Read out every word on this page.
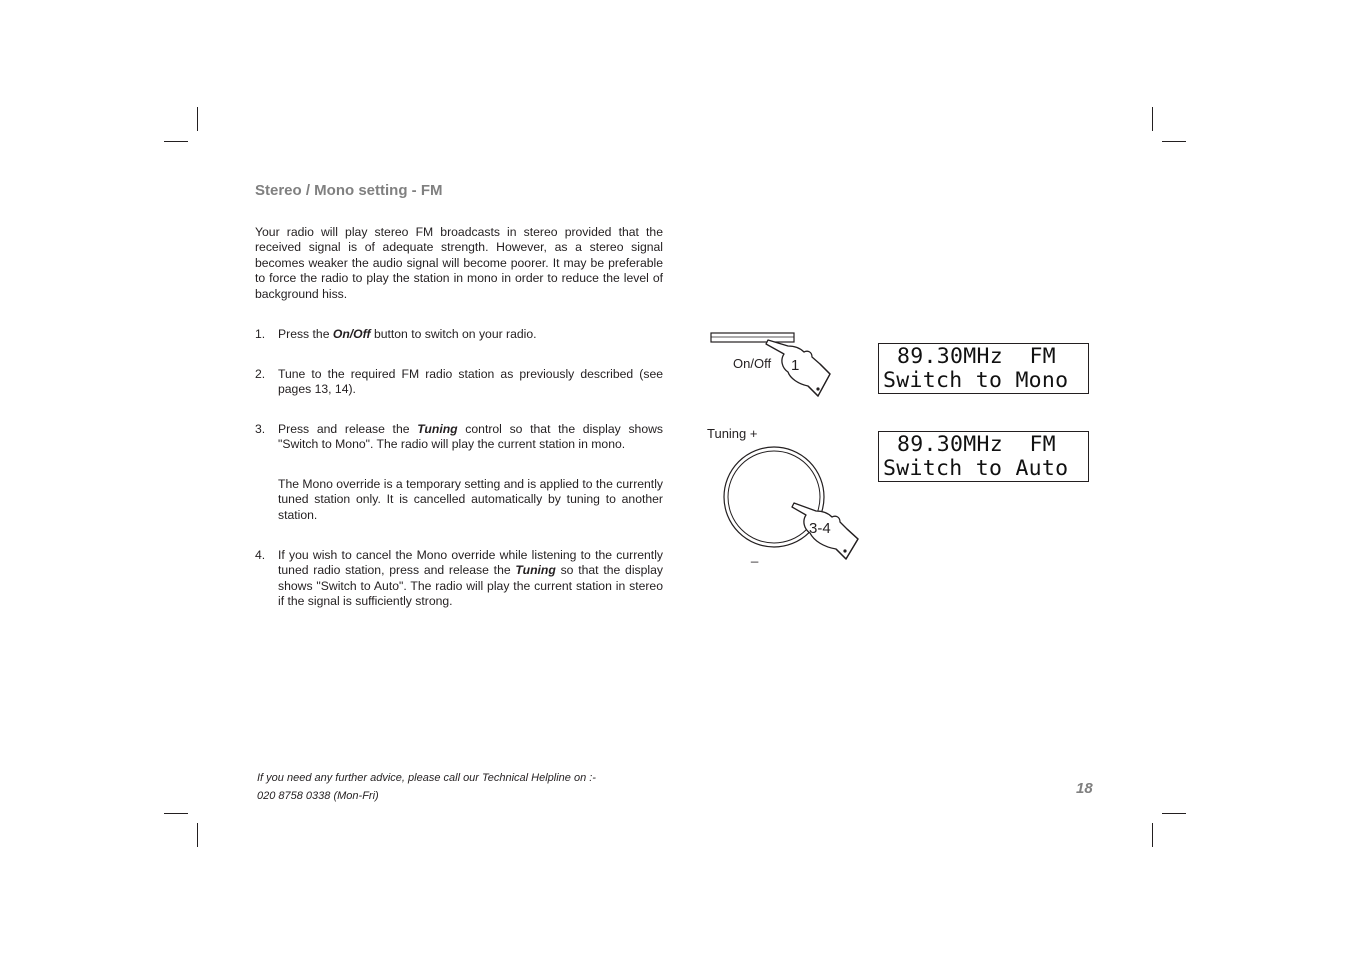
Stereo / Mono setting - FM

Your radio will play stereo FM broadcasts in stereo provided that the received signal is of adequate strength. However, as a stereo signal becomes weaker the audio signal will become poorer. It may be preferable to force the radio to play the station in mono in order to reduce the level of background hiss.

1.	Press the On/Off button to switch on your radio.
2.	Tune to the required FM radio station as previously described (see pages 13, 14).
3.	Press and release the Tuning control so that the display shows "Switch to Mono". The radio will play the current station in mono.
The Mono override is a temporary setting and is applied to the currently tuned station only. It is cancelled automatically by tuning to another station.
4.	If you wish to cancel the Mono override while listening to the currently tuned radio station, press and release the Tuning so that the display shows "Switch to Auto". The radio will play the current station in stereo if the signal is sufficiently strong.

On/Off 1

Tuning +

3-4

_

89.30MHz  FM
Switch to Mono
89.30MHz  FM
Switch to Auto
If you need any further advice, please call our Technical Helpline on :-
020 8758 0338 (Mon-Fri)	18
